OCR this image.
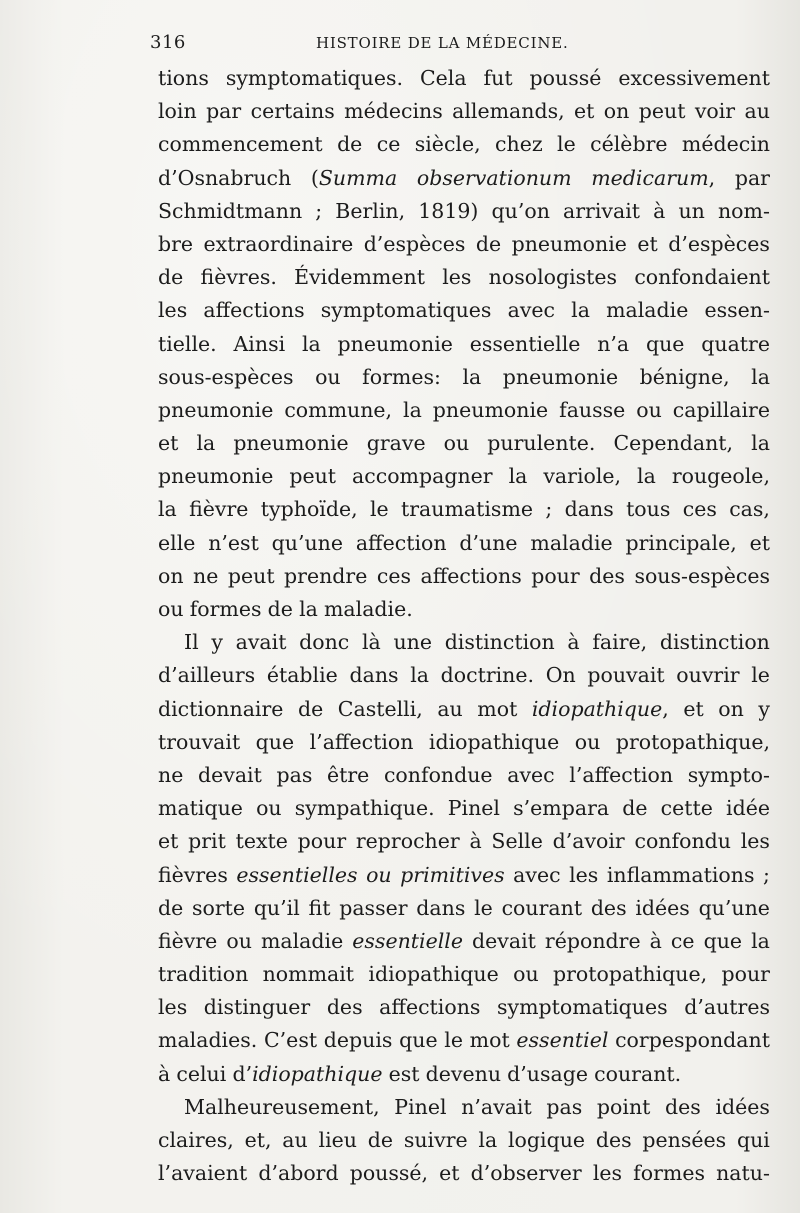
316	HISTOIRE DE LA MÉDECINE.
tions symptomatiques. Cela fut poussé excessivement
loin par certains médecins allemands, et on peut voir au
commencement de ce siècle, chez le célèbre médecin
d’Osnabruch (Summa observationum medicarum, par
Schmidtmann ; Berlin, 1819) qu’on arrivait à un nom-
bre extraordinaire d’espèces de pneumonie et d’espèces
de fièvres. Évidemment les nosologistes confondaient
les affections symptomatiques avec la maladie essen-
tielle. Ainsi la pneumonie essentielle n’a que quatre
sous-espèces ou formes: la pneumonie bénigne, la
pneumonie commune, la pneumonie fausse ou capillaire
et la pneumonie grave ou purulente. Cependant, la
pneumonie peut accompagner la variole, la rougeole,
la fièvre typhoïde, le traumatisme ; dans tous ces cas,
elle n’est qu’une affection d’une maladie principale, et
on ne peut prendre ces affections pour des sous-espèces
ou formes de la maladie.
Il y avait donc là une distinction à faire, distinction
d’ailleurs établie dans la doctrine. On pouvait ouvrir le
dictionnaire de Castelli, au mot idiopathique, et on y
trouvait que l’affection idiopathique ou protopathique,
ne devait pas être confondue avec l’affection sympto-
matique ou sympathique. Pinel s’empara de cette idée
et prit texte pour reprocher à Selle d’avoir confondu les
fièvres essentielles ou primitives avec les inflammations ;
de sorte qu’il fit passer dans le courant des idées qu’une
fièvre ou maladie essentielle devait répondre à ce que la
tradition nommait idiopathique ou protopathique, pour
les distinguer des affections symptomatiques d’autres
maladies. C’est depuis que le mot essentiel corpespondant
à celui d’idiopathique est devenu d’usage courant.
Malheureusement, Pinel n’avait pas point des idées
claires, et, au lieu de suivre la logique des pensées qui
l’avaient d’abord poussé, et d’observer les formes natu-
